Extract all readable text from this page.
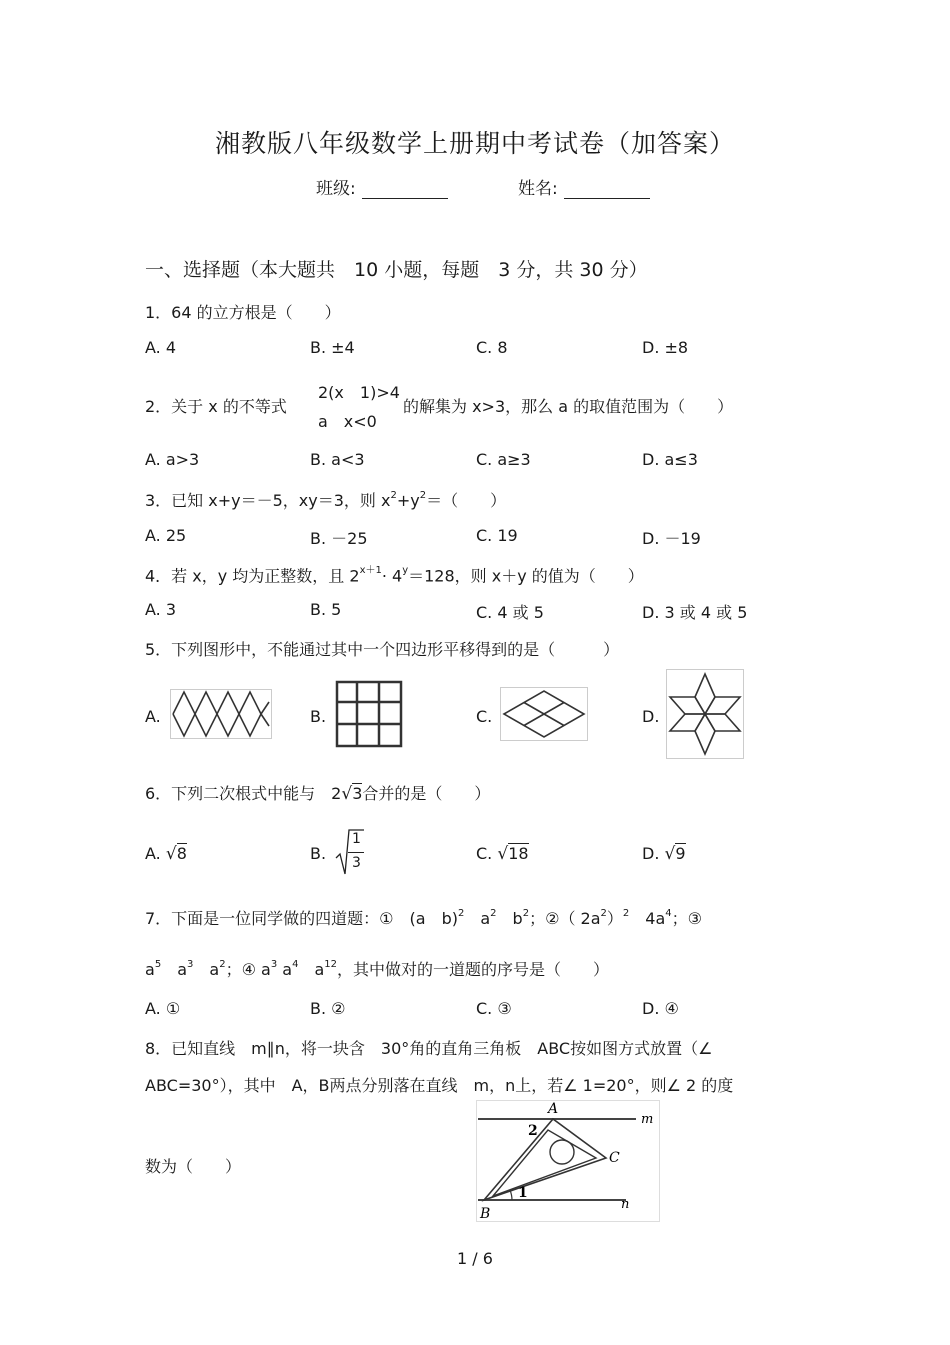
湘教版八年级数学上册期中考试卷（加答案）
班级:	姓名:
一、选择题（本大题共　10 小题，每题　3 分，共 30 分）
1．64 的立方根是（　　）
A. 4	B. ±4	C. 8	D. ±8
2．关于 x 的不等式
2(x　1)>4
a　x<0
的解集为 x>3，那么 a 的取值范围为（　　）
A. a>3	B. a<3	C. a≥3	D. a≤3
3．已知 x+y＝－5，xy＝3，则 $x^2+y^2=$（　　）
A. 25	B. －25	C. 19	D. －19
4．若 x，y 均为正整数，且 $2^{x+1}\cdot 4^y=128$，则 x＋y 的值为（　　）
A. 3	B. 5	C. 4 或 5	D. 3 或 4 或 5
5．下列图形中，不能通过其中一个四边形平移得到的是（　　　）
A.	B.	C.	D.
6．下列二次根式中能与　2√3合并的是（　　）
A. √8	B.
1
3	C. √18	D. √9
7．下面是一位同学做的四道题：①　(a　b)$^2$　$a^2$　$b^2$；②（ $2a^2)^2$　$4a^4$；③
$a^5$　$a^3$　$a^2$；④ $a^3$ $a^4$　$a^{12}$，其中做对的一道题的序号是（　　）
A. ①	B. ②	C. ③	D. ④
8．已知直线　m∥n，将一块含　30°角的直角三角板　ABC按如图方式放置（∠
ABC=30°），其中　A，B两点分别落在直线　m，n上，若∠ 1=20°，则∠ 2 的度
数为（　　）
B
A
C
m
n
1
2
1 / 6
